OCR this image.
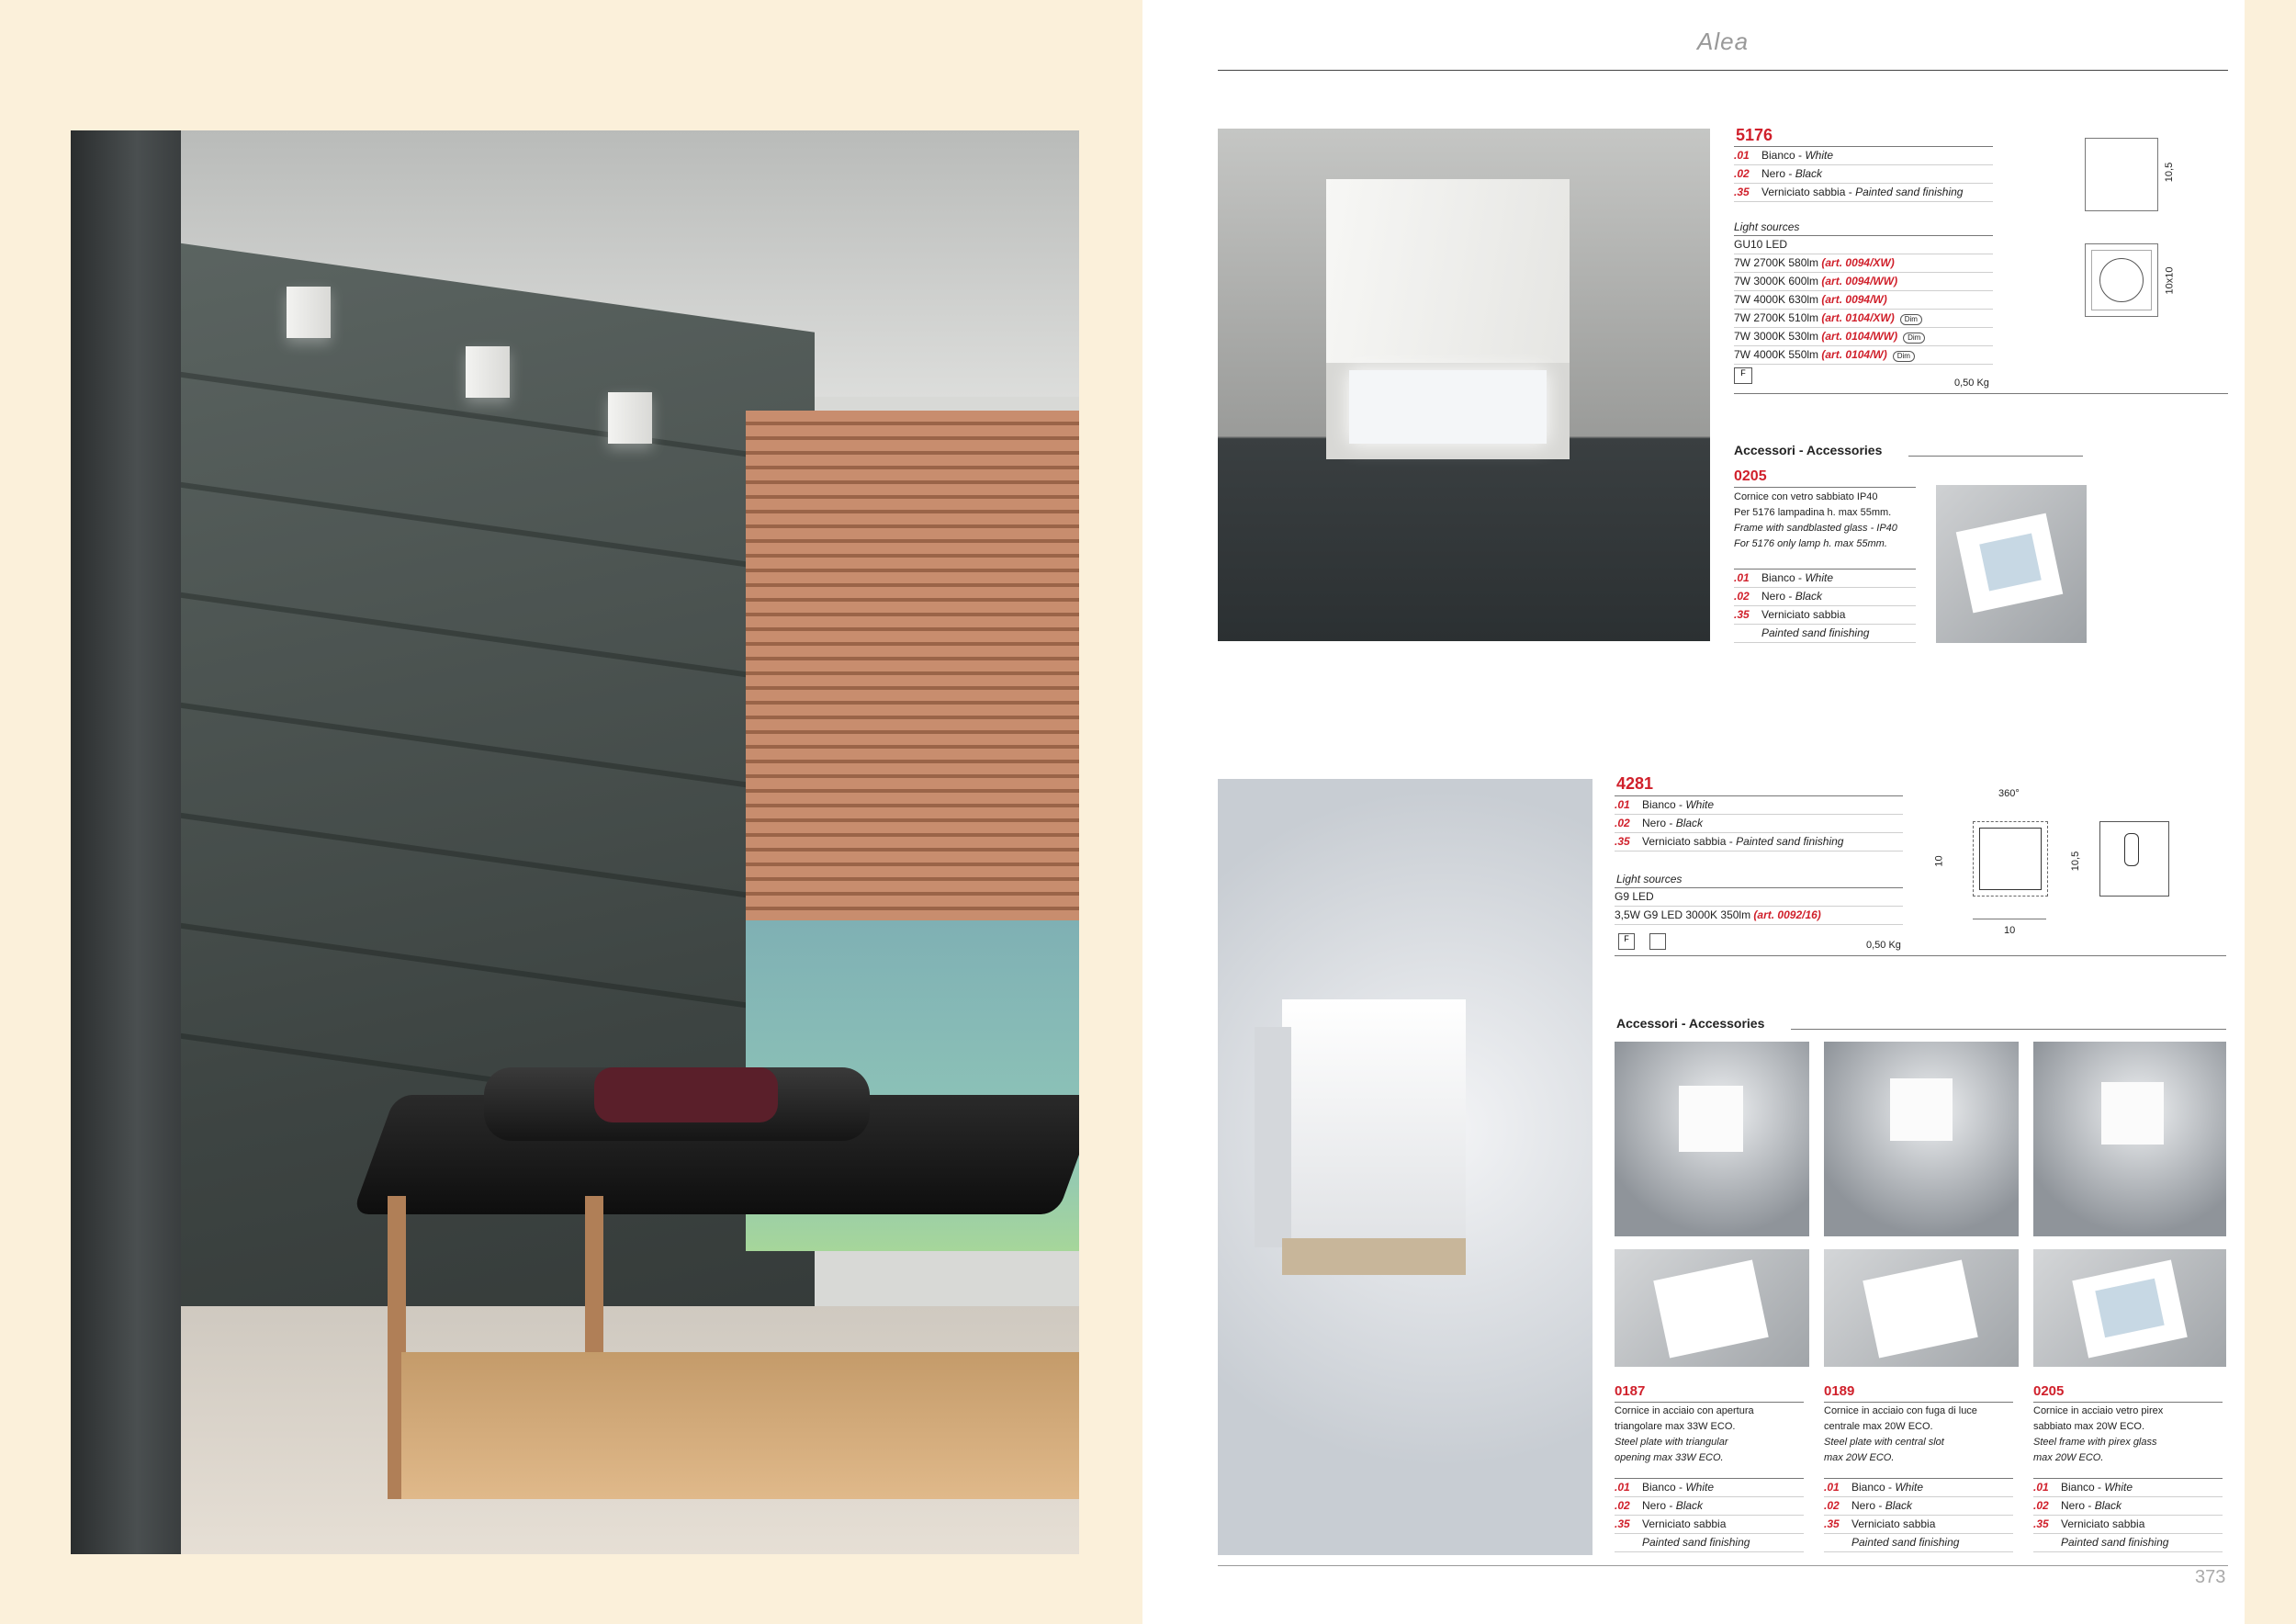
Alea
5176
.01 Bianco - White
.02 Nero - Black
.35 Verniciato sabbia - Painted sand finishing
Light sources
GU10 LED
7W 2700K 580lm (art. 0094/XW)
7W 3000K 600lm (art. 0094/WW)
7W 4000K 630lm (art. 0094/W)
7W 2700K 510lm (art. 0104/XW) Dim
7W 3000K 530lm (art. 0104/WW) Dim
7W 4000K 550lm (art. 0104/W) Dim
F
0,50 Kg
10,5
10x10
Accessori - Accessories
0205
Cornice con vetro sabbiato IP40
Per 5176 lampadina h. max 55mm.
Frame with sandblasted glass - IP40
For 5176 only lamp h. max 55mm.
.01 Bianco - White
.02 Nero - Black
.35 Verniciato sabbia
Painted sand finishing
4281
.01 Bianco - White
.02 Nero - Black
.35 Verniciato sabbia - Painted sand finishing
Light sources
G9 LED
3,5W G9 LED 3000K 350lm (art. 0092/16)
F
0,50 Kg
360°
10
10
10,5
Accessori - Accessories
0187
Cornice in acciaio con apertura
triangolare max 33W ECO.
Steel plate with triangular
opening max 33W ECO.
.01 Bianco - White
.02 Nero - Black
.35 Verniciato sabbia
Painted sand finishing
0189
Cornice in acciaio con fuga di luce
centrale max 20W ECO.
Steel plate with central slot
max 20W ECO.
.01 Bianco - White
.02 Nero - Black
.35 Verniciato sabbia
Painted sand finishing
0205
Cornice in acciaio vetro pirex
sabbiato max 20W ECO.
Steel frame with pirex glass
max 20W ECO.
.01 Bianco - White
.02 Nero - Black
.35 Verniciato sabbia
Painted sand finishing
373
